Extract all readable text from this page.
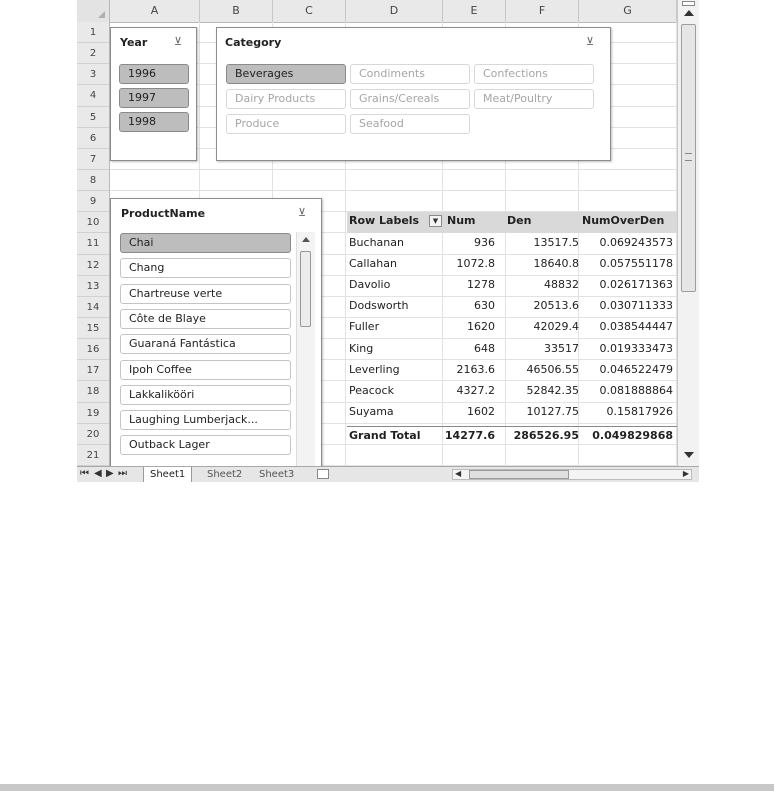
A	B	C	D	E	F	G
1
2
3
4
5
6
7
8
9
10
11
12
13
14
15
16
17
18
19
20
21
Year ⊻
1996
1997
1998
Category	⊻
Beverages	Condiments	Confections
Dairy Products	Grains/Cereals	Meat/Poultry
Produce	Seafood
ProductName	⊻
Chai
Chang
Chartreuse verte
Côte de Blaye
Guaraná Fantástica
Ipoh Coffee
Lakkalikööri
Laughing Lumberjack...
Outback Lager
Row Labels	Num	Den	NumOverDen
▼
Buchanan	936	13517.5 0.069243573
Callahan	1072.8	18640.8 0.057551178
Davolio	1278	48832 0.026171363
Dodsworth	630	20513.6 0.030711333
Fuller	1620	42029.4 0.038544447
King	648	33517 0.019333473
Leverling	2163.6	46506.55 0.046522479
Peacock	4327.2	52842.35 0.081888864
Suyama	1602	10127.75	0.15817926
Grand Total 14277.6 286526.95 0.049829868
⏮ ◀ ▶ ⏭	Sheet1	Sheet2 Sheet3	◀	▶
